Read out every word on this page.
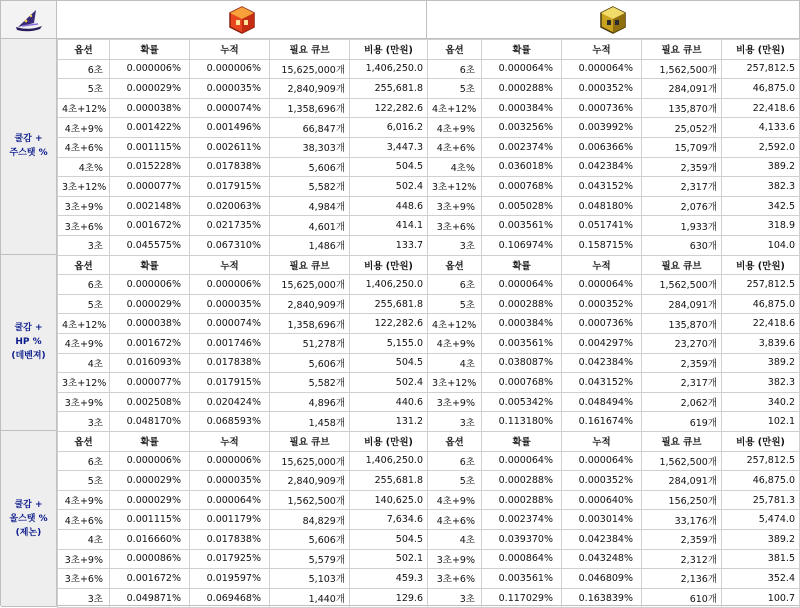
쿨감 +
주스탯 %
옵션	확률	누적	필요 큐브	비용 (만원)
6초	0.000006%	0.000006%	15,625,000개	1,406,250.0
5초	0.000029%	0.000035%	2,840,909개	255,681.8
4초+12%	0.000038%	0.000074%	1,358,696개	122,282.6
4초+9%	0.001422%	0.001496%	66,847개	6,016.2
4초+6%	0.001115%	0.002611%	38,303개	3,447.3
4초%	0.015228%	0.017838%	5,606개	504.5
3초+12%	0.000077%	0.017915%	5,582개	502.4
3초+9%	0.002148%	0.020063%	4,984개	448.6
3초+6%	0.001672%	0.021735%	4,601개	414.1
3초	0.045575%	0.067310%	1,486개	133.7
옵션	확률	누적	필요 큐브	비용 (만원)
6초	0.000064%	0.000064%	1,562,500개	257,812.5
5초	0.000288%	0.000352%	284,091개	46,875.0
4초+12%	0.000384%	0.000736%	135,870개	22,418.6
4초+9%	0.003256%	0.003992%	25,052개	4,133.6
4초+6%	0.002374%	0.006366%	15,709개	2,592.0
4초%	0.036018%	0.042384%	2,359개	389.2
3초+12%	0.000768%	0.043152%	2,317개	382.3
3초+9%	0.005028%	0.048180%	2,076개	342.5
3초+6%	0.003561%	0.051741%	1,933개	318.9
3초	0.106974%	0.158715%	630개	104.0
쿨감 +
HP %
(데벤져)
옵션	확률	누적	필요 큐브	비용 (만원)
6초	0.000006%	0.000006%	15,625,000개	1,406,250.0
5초	0.000029%	0.000035%	2,840,909개	255,681.8
4초+12%	0.000038%	0.000074%	1,358,696개	122,282.6
4초+9%	0.001672%	0.001746%	51,278개	5,155.0
4초	0.016093%	0.017838%	5,606개	504.5
3초+12%	0.000077%	0.017915%	5,582개	502.4
3초+9%	0.002508%	0.020424%	4,896개	440.6
3초	0.048170%	0.068593%	1,458개	131.2
옵션	확률	누적	필요 큐브	비용 (만원)
6초	0.000064%	0.000064%	1,562,500개	257,812.5
5초	0.000288%	0.000352%	284,091개	46,875.0
4초+12%	0.000384%	0.000736%	135,870개	22,418.6
4초+9%	0.003561%	0.004297%	23,270개	3,839.6
4초	0.038087%	0.042384%	2,359개	389.2
3초+12%	0.000768%	0.043152%	2,317개	382.3
3초+9%	0.005342%	0.048494%	2,062개	340.2
3초	0.113180%	0.161674%	619개	102.1
쿨감 +
올스탯 %
(제논)
옵션	확률	누적	필요 큐브	비용 (만원)
6초	0.000006%	0.000006%	15,625,000개	1,406,250.0
5초	0.000029%	0.000035%	2,840,909개	255,681.8
4초+9%	0.000029%	0.000064%	1,562,500개	140,625.0
4초+6%	0.001115%	0.001179%	84,829개	7,634.6
4초	0.016660%	0.017838%	5,606개	504.5
3초+9%	0.000086%	0.017925%	5,579개	502.1
3초+6%	0.001672%	0.019597%	5,103개	459.3
3초	0.049871%	0.069468%	1,440개	129.6
옵션	확률	누적	필요 큐브	비용 (만원)
6초	0.000064%	0.000064%	1,562,500개	257,812.5
5초	0.000288%	0.000352%	284,091개	46,875.0
4초+9%	0.000288%	0.000640%	156,250개	25,781.3
4초+6%	0.002374%	0.003014%	33,176개	5,474.0
4초	0.039370%	0.042384%	2,359개	389.2
3초+9%	0.000864%	0.043248%	2,312개	381.5
3초+6%	0.003561%	0.046809%	2,136개	352.4
3초	0.117029%	0.163839%	610개	100.7
